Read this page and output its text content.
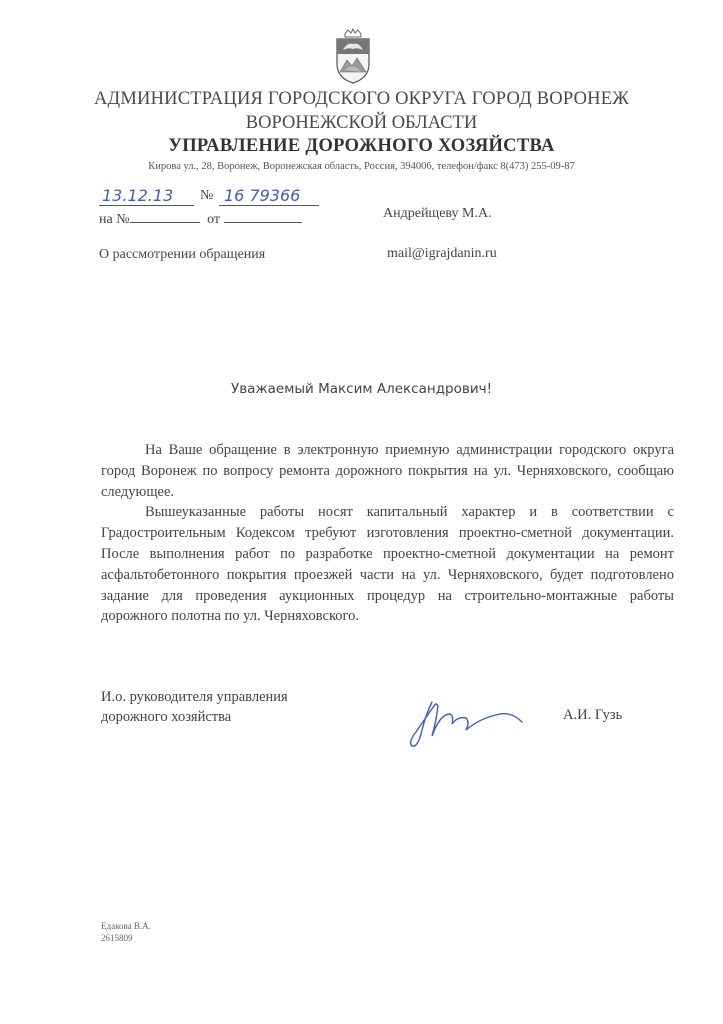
АДМИНИСТРАЦИЯ ГОРОДСКОГО ОКРУГА ГОРОД ВОРОНЕЖ
ВОРОНЕЖСКОЙ ОБЛАСТИ
УПРАВЛЕНИЕ ДОРОЖНОГО ХОЗЯЙСТВА
Кирова ул., 28, Воронеж, Воронежская область, Россия, 394006, телефон/факс 8(473) 255-09-87
13.12.13 № 16 79366
на №	от	Андрейщеву М.А.
О рассмотрении обращения	mail@igrajdanin.ru
Уважаемый Максим Александрович!

На Ваше обращение в электронную приемную администрации городского округа город Воронеж по вопросу ремонта дорожного покрытия на ул. Черняховского, сообщаю следующее.

Вышеуказанные работы носят капитальный характер и в соответствии с Градостроительным Кодексом требуют изготовления проектно-сметной документации. После выполнения работ по разработке проектно-сметной документации на ремонт асфальтобетонного покрытия проезжей части на ул. Черняховского, будет подготовлено задание для проведения аукционных процедур на строительно-монтажные работы дорожного полотна по ул. Черняховского.

И.о. руководителя управления
дорожного хозяйства	А.И. Гузь
Едакова В.А.
2615809
